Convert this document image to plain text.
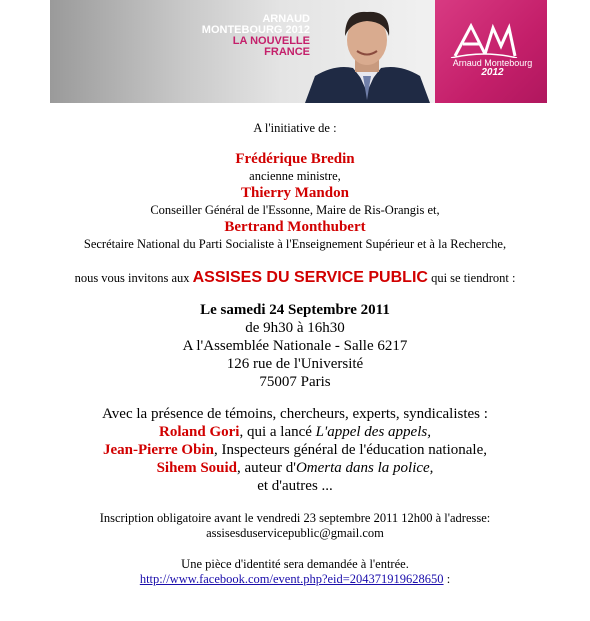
ARNAUD
MONTEBOURG 2012
LA NOUVELLE
FRANCE
Arnaud Montebourg
2012
A l'initiative de :
Frédérique Bredin
ancienne ministre,
Thierry Mandon
Conseiller Général de l'Essonne, Maire de Ris-Orangis et,
Bertrand Monthubert
Secrétaire National du Parti Socialiste à l'Enseignement Supérieur et à la Recherche,
nous vous invitons aux ASSISES DU SERVICE PUBLIC qui se tiendront :
Le samedi 24 Septembre 2011
de 9h30 à 16h30
A l'Assemblée Nationale - Salle 6217
126 rue de l'Université
75007 Paris
Avec la présence de témoins, chercheurs, experts, syndicalistes :
Roland Gori, qui a lancé L'appel des appels,
Jean-Pierre Obin, Inspecteurs général de l'éducation nationale,
Sihem Souid, auteur d'Omerta dans la police,
et d'autres ...
Inscription obligatoire avant le vendredi 23 septembre 2011 12h00 à l'adresse:
assisesduservicepublic@gmail.com
Une pièce d'identité sera demandée à l'entrée.
http://www.facebook.com/event.php?eid=204371919628650 :
